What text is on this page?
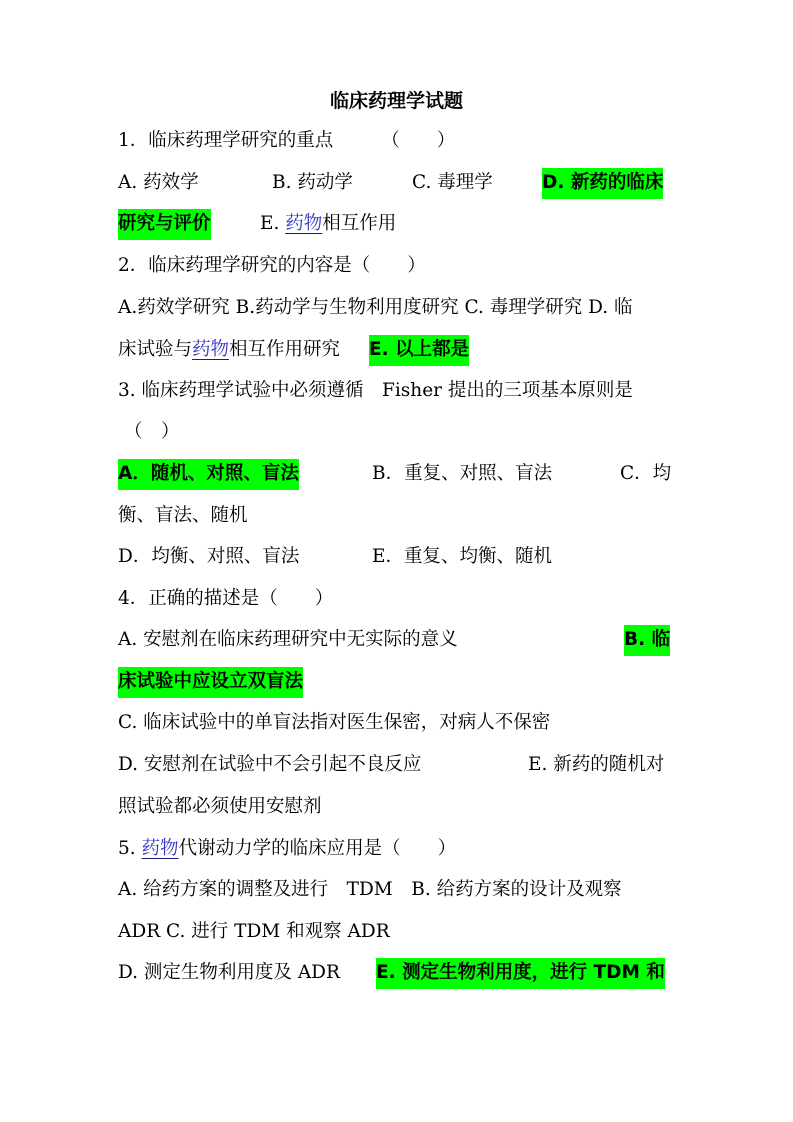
临床药理学试题
1．临床药理学研究的重点	（　　）
A. 药效学	B. 药动学	C. 毒理学	D. 新药的临床
研究与评价	E. 药物相互作用
2．临床药理学研究的内容是（　　）
A.药效学研究 B.药动学与生物利用度研究 C. 毒理学研究 D. 临
床试验与药物相互作用研究 E. 以上都是
3. 临床药理学试验中必须遵循　Fisher 提出的三项基本原则是
（　）
A．随机、对照、盲法	B．重复、对照、盲法	C．均
衡、盲法、随机
D．均衡、对照、盲法	E．重复、均衡、随机
4．正确的描述是（　　）
A. 安慰剂在临床药理研究中无实际的意义	B. 临
床试验中应设立双盲法
C. 临床试验中的单盲法指对医生保密，对病人不保密
D. 安慰剂在试验中不会引起不良反应	E. 新药的随机对
照试验都必须使用安慰剂
5. 药物代谢动力学的临床应用是（　　）
A. 给药方案的调整及进行　TDM　B. 给药方案的设计及观察
ADR C. 进行 TDM 和观察 ADR
D. 测定生物利用度及 ADR E. 测定生物利用度，进行 TDM 和
